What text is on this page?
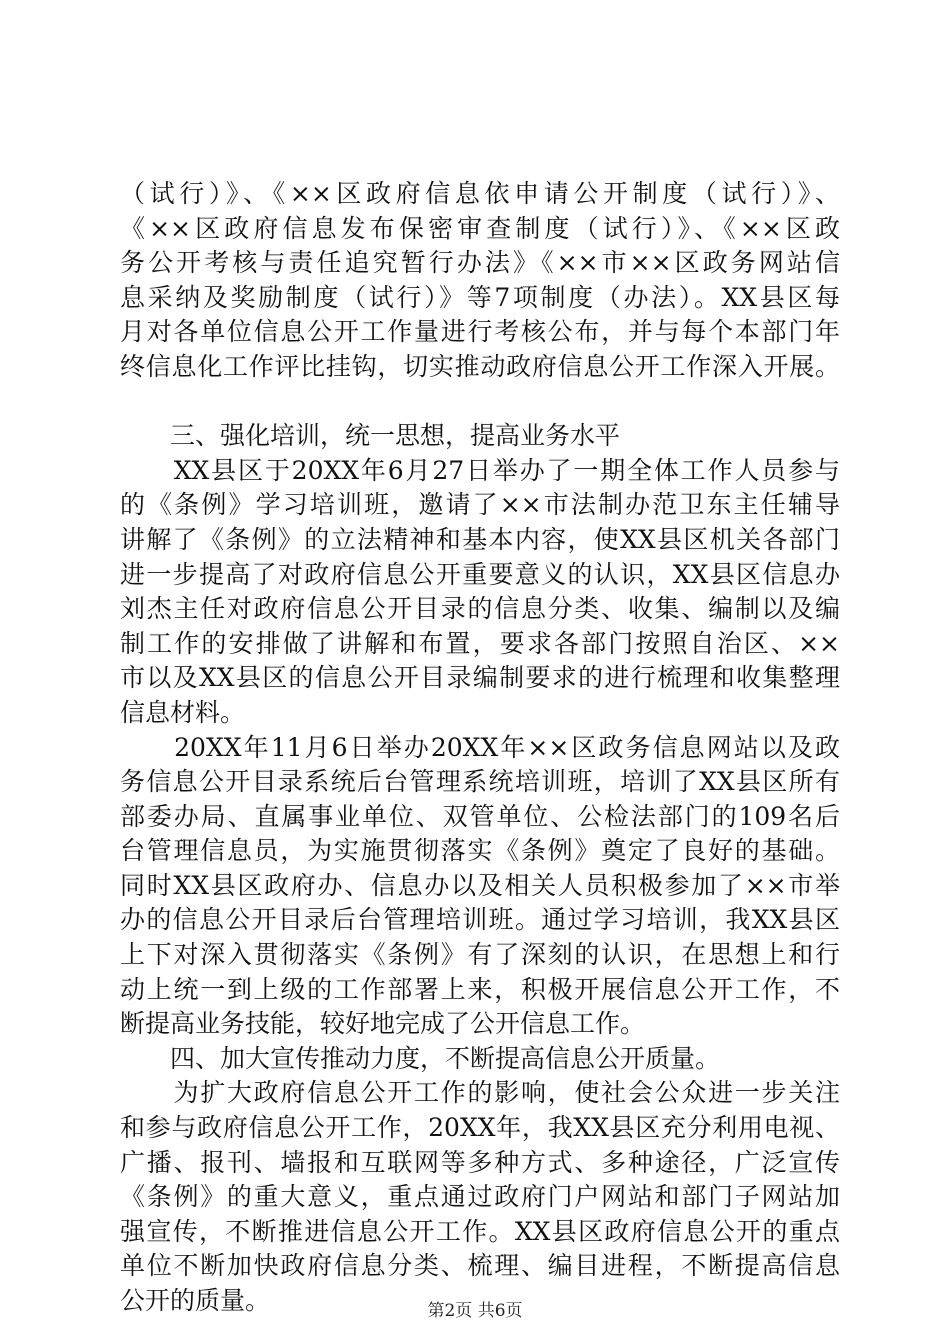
（试行）》、《××区政府信息依申请公开制度（试行）》、
《××区政府信息发布保密审查制度（试行）》、《××区政
务公开考核与责任追究暂行办法》《××市××区政务网站信
息采纳及奖励制度（试行）》等7项制度（办法）。XX县区每
月对各单位信息公开工作量进行考核公布，并与每个本部门年
终信息化工作评比挂钩，切实推动政府信息公开工作深入开展。
　　三、强化培训，统一思想，提高业务水平
　　XX县区于20XX年6月27日举办了一期全体工作人员参与
的《条例》学习培训班，邀请了××市法制办范卫东主任辅导
讲解了《条例》的立法精神和基本内容，使XX县区机关各部门
进一步提高了对政府信息公开重要意义的认识，XX县区信息办
刘杰主任对政府信息公开目录的信息分类、收集、编制以及编
制工作的安排做了讲解和布置，要求各部门按照自治区、××
市以及XX县区的信息公开目录编制要求的进行梳理和收集整理
信息材料。
　　20XX年11月6日举办20XX年××区政务信息网站以及政
务信息公开目录系统后台管理系统培训班，培训了XX县区所有
部委办局、直属事业单位、双管单位、公检法部门的109名后
台管理信息员，为实施贯彻落实《条例》奠定了良好的基础。
同时XX县区政府办、信息办以及相关人员积极参加了××市举
办的信息公开目录后台管理培训班。通过学习培训，我XX县区
上下对深入贯彻落实《条例》有了深刻的认识，在思想上和行
动上统一到上级的工作部署上来，积极开展信息公开工作，不
断提高业务技能，较好地完成了公开信息工作。
　　四、加大宣传推动力度，不断提高信息公开质量。
　　为扩大政府信息公开工作的影响，使社会公众进一步关注
和参与政府信息公开工作，20XX年，我XX县区充分利用电视、
广播、报刊、墙报和互联网等多种方式、多种途径，广泛宣传
《条例》的重大意义，重点通过政府门户网站和部门子网站加
强宣传，不断推进信息公开工作。XX县区政府信息公开的重点
单位不断加快政府信息分类、梳理、编目进程，不断提高信息
公开的质量。	第2页 共6页
